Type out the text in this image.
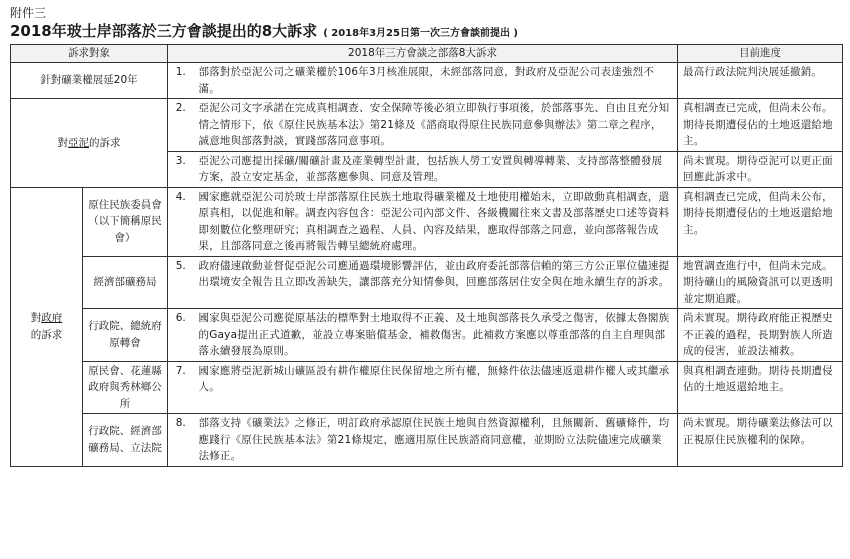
附件三
2018年玻士岸部落於三方會談提出的8大訴求 ( 2018年3月25日第一次三方會談前提出 )
訴求對象		2018年三方會談之部落8大訴求		目前進度
針對礦業權展延20年		1.	部落對於亞泥公司之礦業權於106年3月核准展限，未經部落同意，對政府及亞泥公司表達強烈不滿。	最高行政法院判決展延撤銷。
對亞泥的訴求		2.	亞泥公司文字承諾在完成真相調查、安全保障等後必須立即執行事項後，於部落事先、自由且充分知情之情形下，依《原住民族基本法》第21條及《諮商取得原住民族同意參與辦法》第二章之程序，誠意地與部落對談，實踐部落同意事項。	真相調查已完成，但尚未公布。期待長期遭侵佔的土地返還給地主。
		3.	亞泥公司應提出採礦/關礦計畫及產業轉型計畫，包括族人勞工安置與轉導轉業、支持部落整體發展方案，設立安定基金，並部落應參與、同意及管理。	尚未實現。期待亞泥可以更正面回應此訴求中。
對政府
的訴求	原住民族委員會（以下簡稱原民會）	4.	國家應就亞泥公司於玻士岸部落原住民族土地取得礦業權及土地使用權始末，立即啟動真相調查，還原真相，以促進和解。調查內容包含：亞泥公司內部文件、各級機關往來文書及部落歷史口述等資料即刻數位化整理研究；真相調查之過程、人員、內容及結果，應取得部落之同意，並向部落報告成果，且部落同意之後再將報告轉呈總統府處理。	真相調查已完成，但尚未公布，期待長期遭侵佔的土地返還給地主。
	經濟部礦務局	5.	政府儘速啟動並督促亞泥公司應通過環境影響評估，並由政府委託部落信賴的第三方公正單位儘速提出環境安全報告且立即改善缺失，讓部落充分知情參與，回應部落居住安全與在地永續生存的訴求。	地質調查進行中，但尚未完成。期待礦山的風險資訊可以更透明並定期追蹤。
	行政院、總統府原轉會	6.	國家與亞泥公司應從原基法的標準對土地取得不正義、及土地與部落長久承受之傷害，依據太魯閣族的Gaya提出正式道歉，並設立專案賠償基金，補救傷害。此補救方案應以尊重部落的自主自理與部落永續發展為原則。	尚未實現。期待政府能正視歷史不正義的過程，長期對族人所造成的侵害，並設法補救。
	原民會、花蓮縣政府與秀林鄉公所	7.	國家應將亞泥新城山礦區設有耕作權原住民保留地之所有權，無條件依法儘速返還耕作權人或其繼承人。	與真相調查連動。期待長期遭侵佔的土地返還給地主。
	行政院、經濟部礦務局、立法院	8.	部落支持《礦業法》之修正，明訂政府承認原住民族土地與自然資源權利，且無關新、舊礦條件，均應踐行《原住民族基本法》第21條規定，應適用原住民族諮商同意權，並期盼立法院儘速完成礦業法修正。	尚未實現。期待礦業法修法可以正視原住民族權利的保障。
